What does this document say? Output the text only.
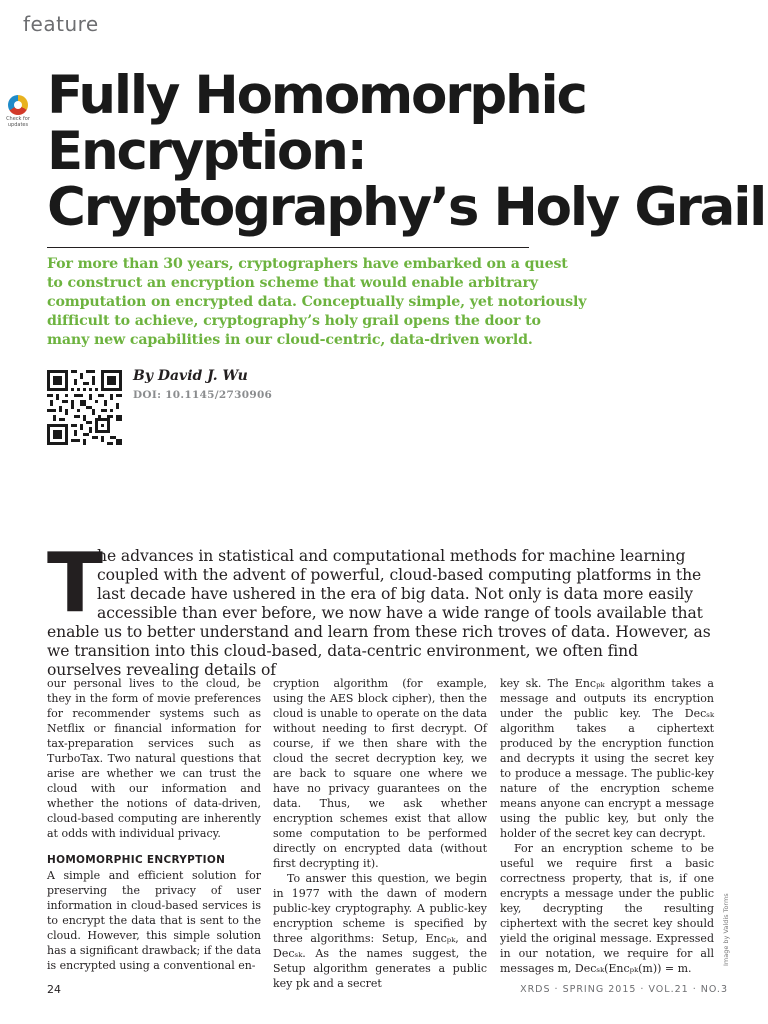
feature
Check for updates Fully Homomorphic
Encryption:
Cryptography’s Holy Grail

For more than 30 years, cryptographers have embarked on a quest to construct an encryption scheme that would enable arbitrary computation on encrypted data. Conceptually simple, yet notoriously difficult to achieve, cryptography’s holy grail opens the door to many new capabilities in our cloud-centric, data-driven world.

By David J. Wu
DOI: 10.1145/2730906
T
he advances in statistical and computational methods for machine learning coupled with the advent of powerful, cloud-based computing platforms in the last decade have ushered in the era of big data. Not only is data more easily accessible than ever before, we now have a wide range of tools available that enable us to better understand and learn from these rich troves of data. However, as we transition into this cloud-based, data-centric environment, we often find ourselves revealing details of

our personal lives to the cloud, be they in the form of movie preferences for recommender systems such as Netflix or financial information for tax-preparation services such as TurboTax. Two natural questions that arise are whether we can trust the cloud with our information and whether the notions of data-driven, cloud-based computing are inherently at odds with individual privacy.

HOMOMORPHIC ENCRYPTION

A simple and efficient solution for preserving the privacy of user information in cloud-based services is to encrypt the data that is sent to the cloud. However, this simple solution has a significant drawback; if the data is encrypted using a conventional en-

cryption algorithm (for example, using the AES block cipher), then the cloud is unable to operate on the data without needing to first decrypt. Of course, if we then share with the cloud the secret decryption key, we are back to square one where we have no privacy guarantees on the data. Thus, we ask whether encryption schemes exist that allow some computation to be performed directly on encrypted data (without first decrypting it).

To answer this question, we begin in 1977 with the dawn of modern public-key cryptography. A public-key encryption scheme is specified by three algorithms: Setup, Encₚₖ, and Decₛₖ. As the names suggest, the Setup algorithm generates a public key pk and a secret

key sk. The Encₚₖ algorithm takes a message and outputs its encryption under the public key. The Decₛₖ algorithm takes a ciphertext produced by the encryption function and decrypts it using the secret key to produce a message. The public-key nature of the encryption scheme means anyone can encrypt a message using the public key, but only the holder of the secret key can decrypt.

For an encryption scheme to be useful we require first a basic correctness property, that is, if one encrypts a message under the public key, decrypting the resulting ciphertext with the secret key should yield the original message. Expressed in our notation, we require for all messages m, Decₛₖ(Encₚₖ(m)) = m.

Image by Valdis Torms
24	XRDS · SPRING 2015 · VOL.21 · NO.3
